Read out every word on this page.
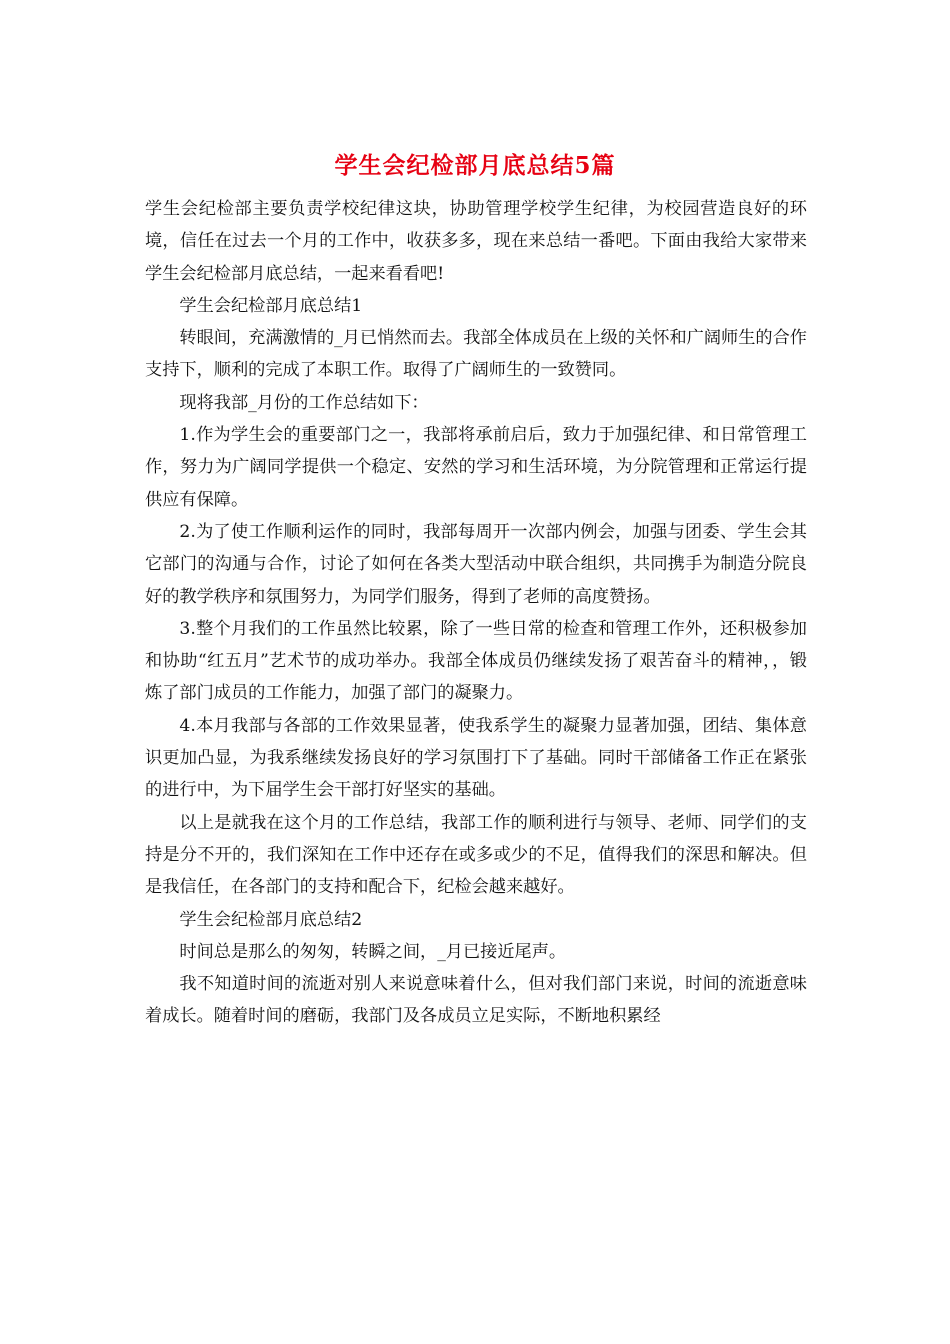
学生会纪检部月底总结5篇

学生会纪检部主要负责学校纪律这块，协助管理学校学生纪律，为校园营造良好的环境，信任在过去一个月的工作中，收获多多，现在来总结一番吧。下面由我给大家带来学生会纪检部月底总结，一起来看看吧!

学生会纪检部月底总结1

转眼间，充满激情的_月已悄然而去。我部全体成员在上级的关怀和广阔师生的合作支持下，顺利的完成了本职工作。取得了广阔师生的一致赞同。

现将我部_月份的工作总结如下：

1.作为学生会的重要部门之一，我部将承前启后，致力于加强纪律、和日常管理工作，努力为广阔同学提供一个稳定、安然的学习和生活环境，为分院管理和正常运行提供应有保障。

2.为了使工作顺利运作的同时，我部每周开一次部内例会，加强与团委、学生会其它部门的沟通与合作，讨论了如何在各类大型活动中联合组织，共同携手为制造分院良好的教学秩序和氛围努力，为同学们服务，得到了老师的高度赞扬。

3.整个月我们的工作虽然比较累，除了一些日常的检查和管理工作外，还积极参加和协助“红五月”艺术节的成功举办。我部全体成员仍继续发扬了艰苦奋斗的精神，，锻炼了部门成员的工作能力，加强了部门的凝聚力。

4.本月我部与各部的工作效果显著，使我系学生的凝聚力显著加强，团结、集体意识更加凸显，为我系继续发扬良好的学习氛围打下了基础。同时干部储备工作正在紧张的进行中，为下届学生会干部打好坚实的基础。

以上是就我在这个月的工作总结，我部工作的顺利进行与领导、老师、同学们的支持是分不开的，我们深知在工作中还存在或多或少的不足，值得我们的深思和解决。但是我信任，在各部门的支持和配合下，纪检会越来越好。

学生会纪检部月底总结2

时间总是那么的匆匆，转瞬之间，_月已接近尾声。

我不知道时间的流逝对别人来说意味着什么，但对我们部门来说，时间的流逝意味着成长。随着时间的磨砺，我部门及各成员立足实际，不断地积累经
